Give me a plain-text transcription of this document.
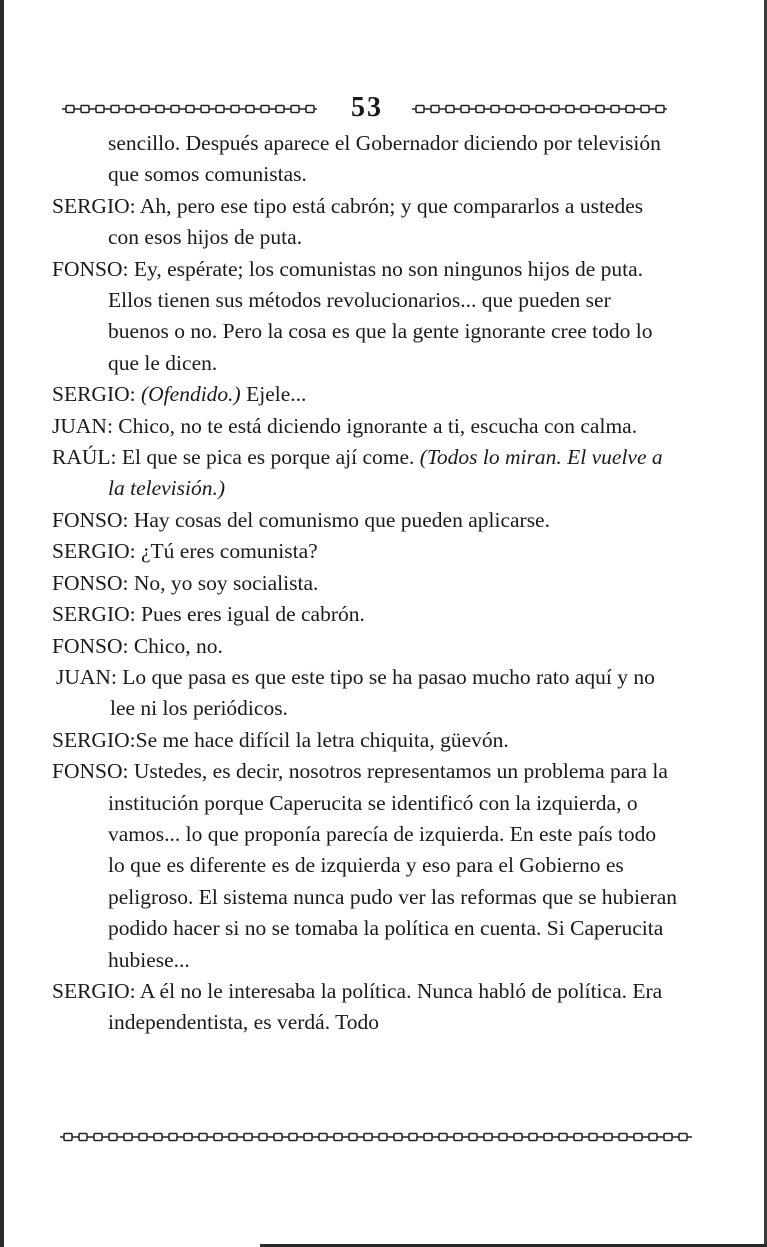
53

sencillo. Después aparece el Gobernador diciendo por televisión que somos comunistas.

SERGIO: Ah, pero ese tipo está cabrón; y que compararlos a ustedes con esos hijos de puta.

FONSO: Ey, espérate; los comunistas no son ningunos hijos de puta. Ellos tienen sus métodos revolucionarios... que pueden ser buenos o no. Pero la cosa es que la gente ignorante cree todo lo que le dicen.

SERGIO: (Ofendido.) Ejele...

JUAN: Chico, no te está diciendo ignorante a ti, escucha con calma.

RAÚL: El que se pica es porque ají come. (Todos lo miran. El vuelve a la televisión.)

FONSO: Hay cosas del comunismo que pueden aplicarse.

SERGIO: ¿Tú eres comunista?

FONSO: No, yo soy socialista.

SERGIO: Pues eres igual de cabrón.

FONSO: Chico, no.

JUAN: Lo que pasa es que este tipo se ha pasao mucho rato aquí y no lee ni los periódicos.

SERGIO:Se me hace difícil la letra chiquita, güevón.

FONSO: Ustedes, es decir, nosotros representamos un problema para la institución porque Caperucita se identificó con la izquierda, o vamos... lo que proponía parecía de izquierda. En este país todo lo que es diferente es de izquierda y eso para el Gobierno es peligroso. El sistema nunca pudo ver las reformas que se hubieran podido hacer si no se tomaba la política en cuenta. Si Caperucita hubiese...

SERGIO: A él no le interesaba la política. Nunca habló de política. Era independentista, es verdá. Todo
